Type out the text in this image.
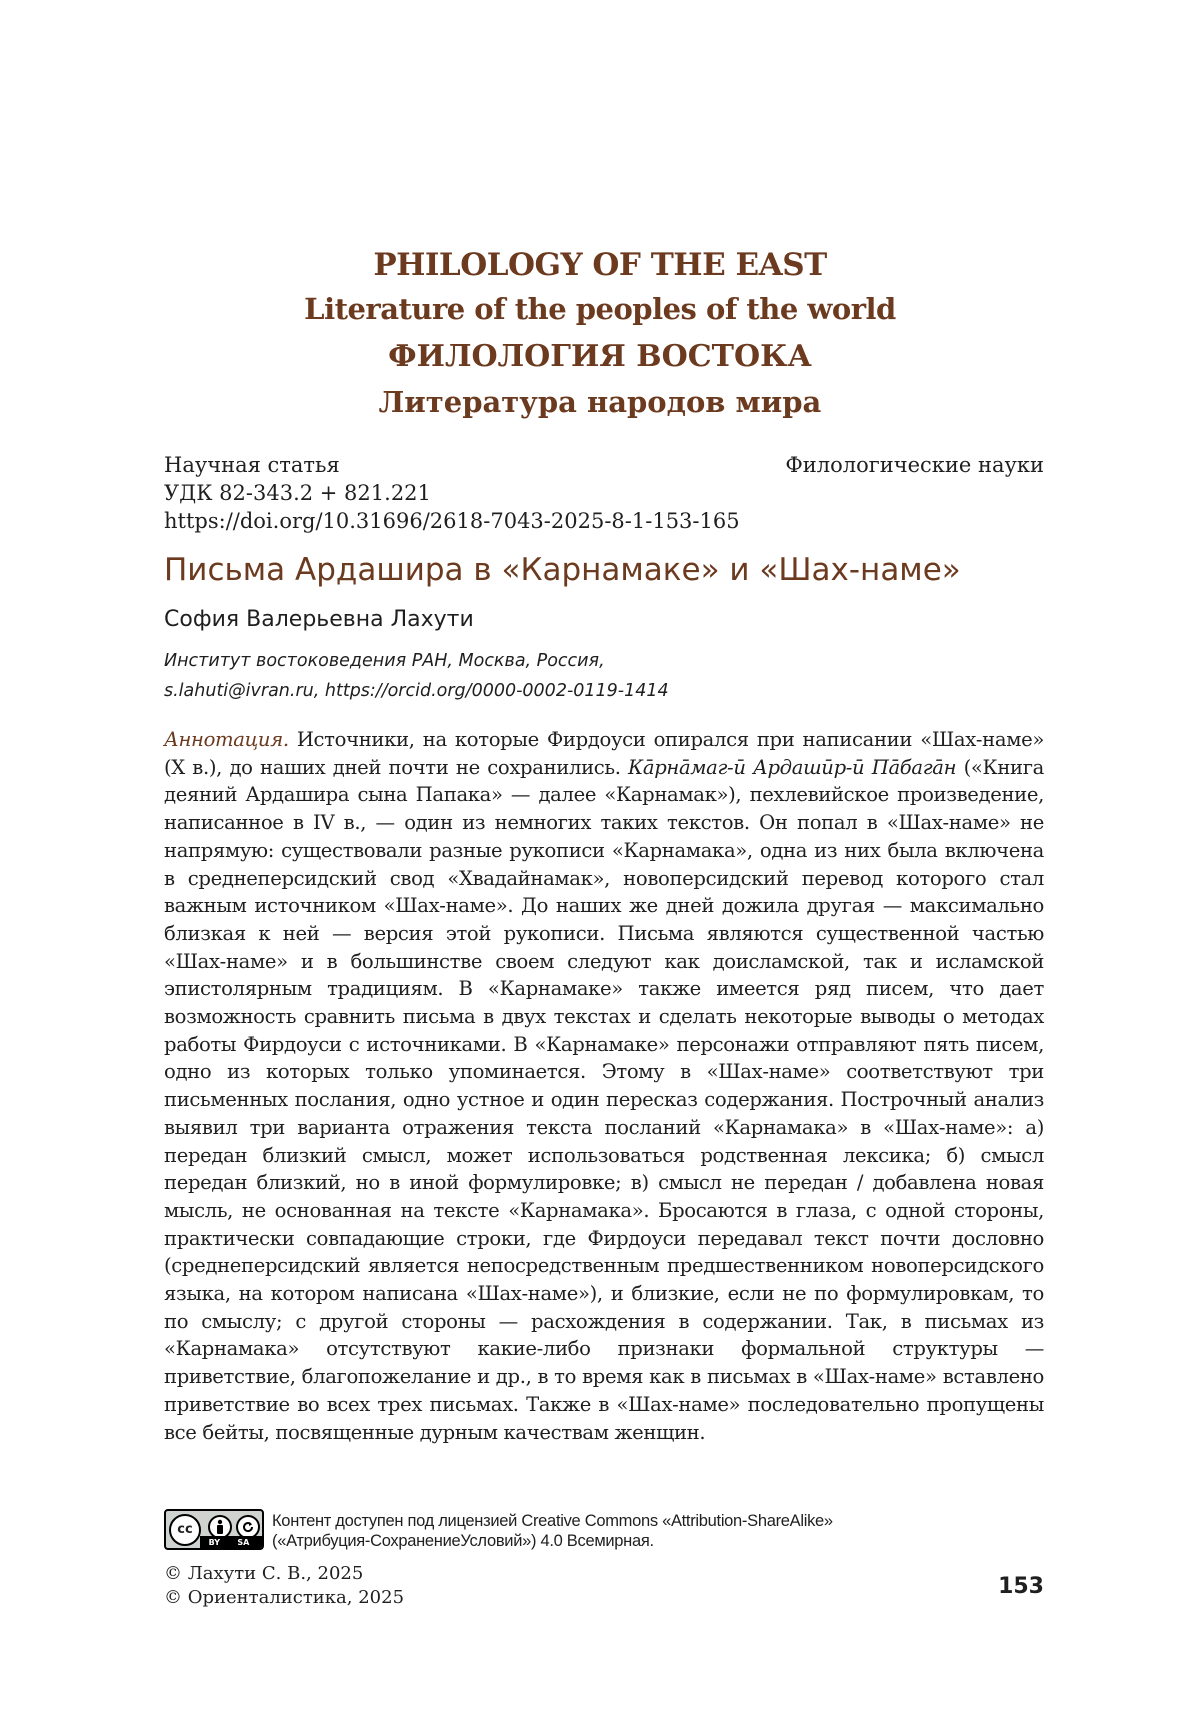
PHILOLOGY OF THE EAST
Literature of the peoples of the world
ФИЛОЛОГИЯ ВОСТОКА
Литература народов мира
Научная статья	Филологические науки
УДК 82-343.2 + 821.221
https://doi.org/10.31696/2618-7043-2025-8-1-153-165
Письма Ардашира в «Карнамаке» и «Шах-наме»
София Валерьевна Лахути
Институт востоковедения РАН, Москва, Россия,
s.lahuti@ivran.ru, https://orcid.org/0000-0002-0119-1414
Аннотация. Источники, на которые Фирдоуси опирался при написании «Шах-наме» (X в.), до наших дней почти не сохранились. Кāрнāмаг-ӣ Ардашӣр-ӣ Пāбагāн («Книга деяний Ардашира сына Папака» — далее «Карнамак»), пехлевийское произведение, написанное в IV в., — один из немногих таких текстов. Он попал в «Шах-наме» не напрямую: существовали разные рукописи «Карнамака», одна из них была включена в среднеперсидский свод «Хвадайнамак», новоперсидский перевод которого стал важным источником «Шах-наме». До наших же дней дожила другая — максимально близкая к ней — версия этой рукописи. Письма являются существенной частью «Шах-наме» и в большинстве своем следуют как доисламской, так и исламской эпистолярным традициям. В «Карнамаке» также имеется ряд писем, что дает возможность сравнить письма в двух текстах и сделать некоторые выводы о методах работы Фирдоуси с источниками. В «Карнамаке» персонажи отправляют пять писем, одно из которых только упоминается. Этому в «Шах-наме» соответствуют три письменных послания, одно устное и один пересказ содержания. Построчный анализ выявил три варианта отражения текста посланий «Карнамака» в «Шах-наме»: а) передан близкий смысл, может использоваться родственная лексика; б) смысл передан близкий, но в иной формулировке; в) смысл не передан / добавлена новая мысль, не основанная на тексте «Карнамака». Бросаются в глаза, с одной стороны, практически совпадающие строки, где Фирдоуси передавал текст почти дословно (среднеперсидский является непосредственным предшественником новоперсидского языка, на котором написана «Шах-наме»), и близкие, если не по формулировкам, то по смыслу; с другой стороны — расхождения в содержании. Так, в письмах из «Карнамака» отсутствуют какие-либо признаки формальной структуры — приветствие, благопожелание и др., в то время как в письмах в «Шах-наме» вставлено приветствие во всех трех письмах. Также в «Шах-наме» последовательно пропущены все бейты, посвященные дурным качествам женщин.
cc
BY SA
Контент доступен под лицензией Creative Commons «Attribution-ShareAlike»
(«Атрибуция-СохранениеУсловий») 4.0 Всемирная.
© Лахути С. В., 2025
© Ориенталистика, 2025	153
